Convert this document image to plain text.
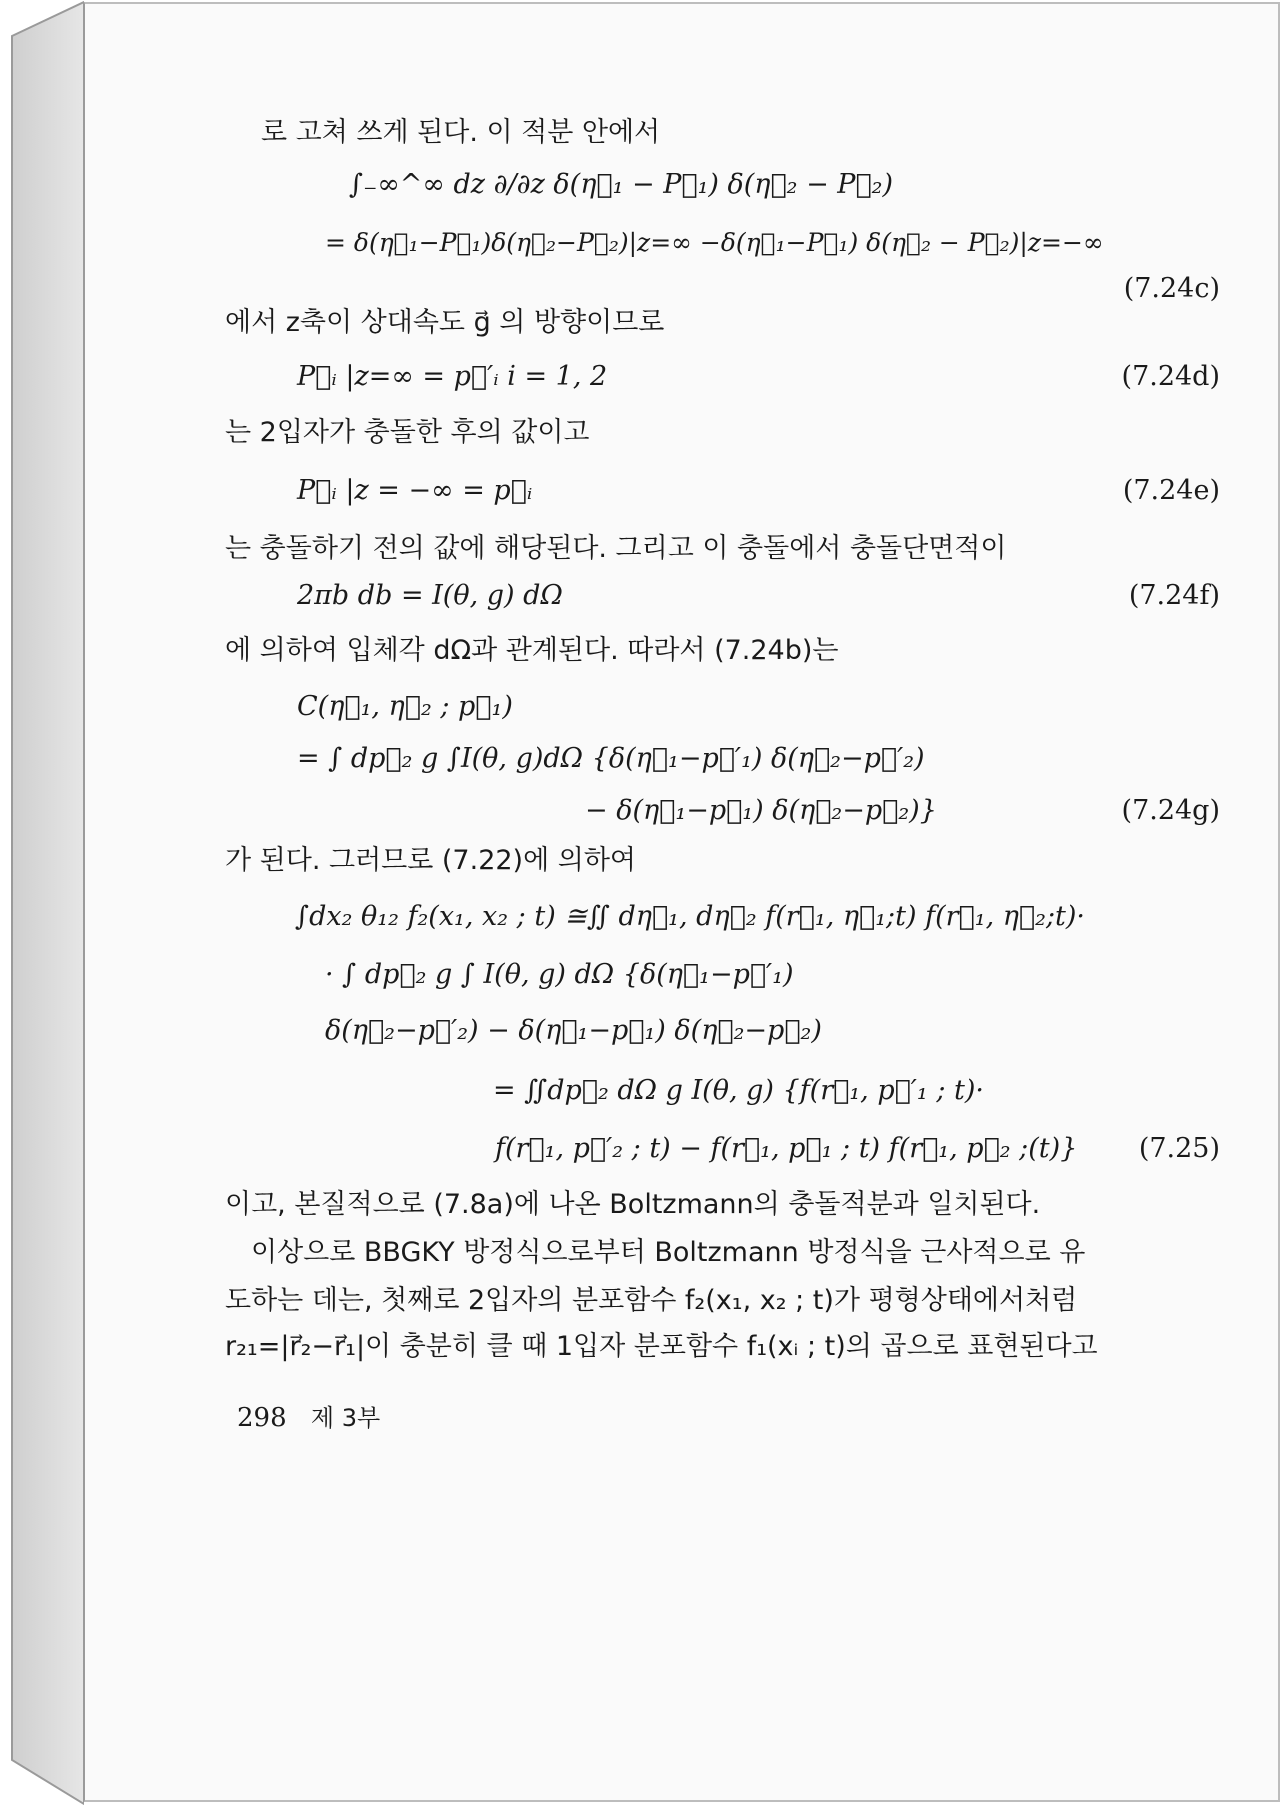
로 고쳐 쓰게 된다. 이 적분 안에서
∫₋∞^∞ dz ∂/∂z δ(η⃗₁ − P⃗₁) δ(η⃗₂ − P⃗₂)
= δ(η⃗₁−P⃗₁)δ(η⃗₂−P⃗₂)|z=∞ −δ(η⃗₁−P⃗₁) δ(η⃗₂ − P⃗₂)|z=−∞
(7.24c)
에서 z축이 상대속도 g⃗ 의 방향이므로
P⃗ᵢ |z=∞ = p⃗′ᵢ i = 1, 2	(7.24d)
는 2입자가 충돌한 후의 값이고
P⃗ᵢ |z = −∞ = p⃗ᵢ	(7.24e)
는 충돌하기 전의 값에 해당된다. 그리고 이 충돌에서 충돌단면적이
2πb db = I(θ, g) dΩ	(7.24f)
에 의하여 입체각 dΩ과 관계된다. 따라서 (7.24b)는
C(η⃗₁, η⃗₂ ; p⃗₁)
= ∫ dp⃗₂ g ∫I(θ, g)dΩ {δ(η⃗₁−p⃗′₁) δ(η⃗₂−p⃗′₂)
− δ(η⃗₁−p⃗₁) δ(η⃗₂−p⃗₂)}	(7.24g)
가 된다. 그러므로 (7.22)에 의하여
∫dx₂ θ₁₂ f₂(x₁, x₂ ; t) ≅∬ dη⃗₁, dη⃗₂ f(r⃗₁, η⃗₁;t) f(r⃗₁, η⃗₂;t)·
· ∫ dp⃗₂ g ∫ I(θ, g) dΩ {δ(η⃗₁−p⃗′₁)
δ(η⃗₂−p⃗′₂) − δ(η⃗₁−p⃗₁) δ(η⃗₂−p⃗₂)
= ∬dp⃗₂ dΩ g I(θ, g) {f(r⃗₁, p⃗′₁ ; t)·
f(r⃗₁, p⃗′₂ ; t) − f(r⃗₁, p⃗₁ ; t) f(r⃗₁, p⃗₂ ;(t)} (7.25)
이고, 본질적으로 (7.8a)에 나온 Boltzmann의 충돌적분과 일치된다.
이상으로 BBGKY 방정식으로부터 Boltzmann 방정식을 근사적으로 유
도하는 데는, 첫째로 2입자의 분포함수 f₂(x₁, x₂ ; t)가 평형상태에서처럼
r₂₁=|r⃗₂−r⃗₁|이 충분히 클 때 1입자 분포함수 f₁(xᵢ ; t)의 곱으로 표현된다고
298 제 3부
